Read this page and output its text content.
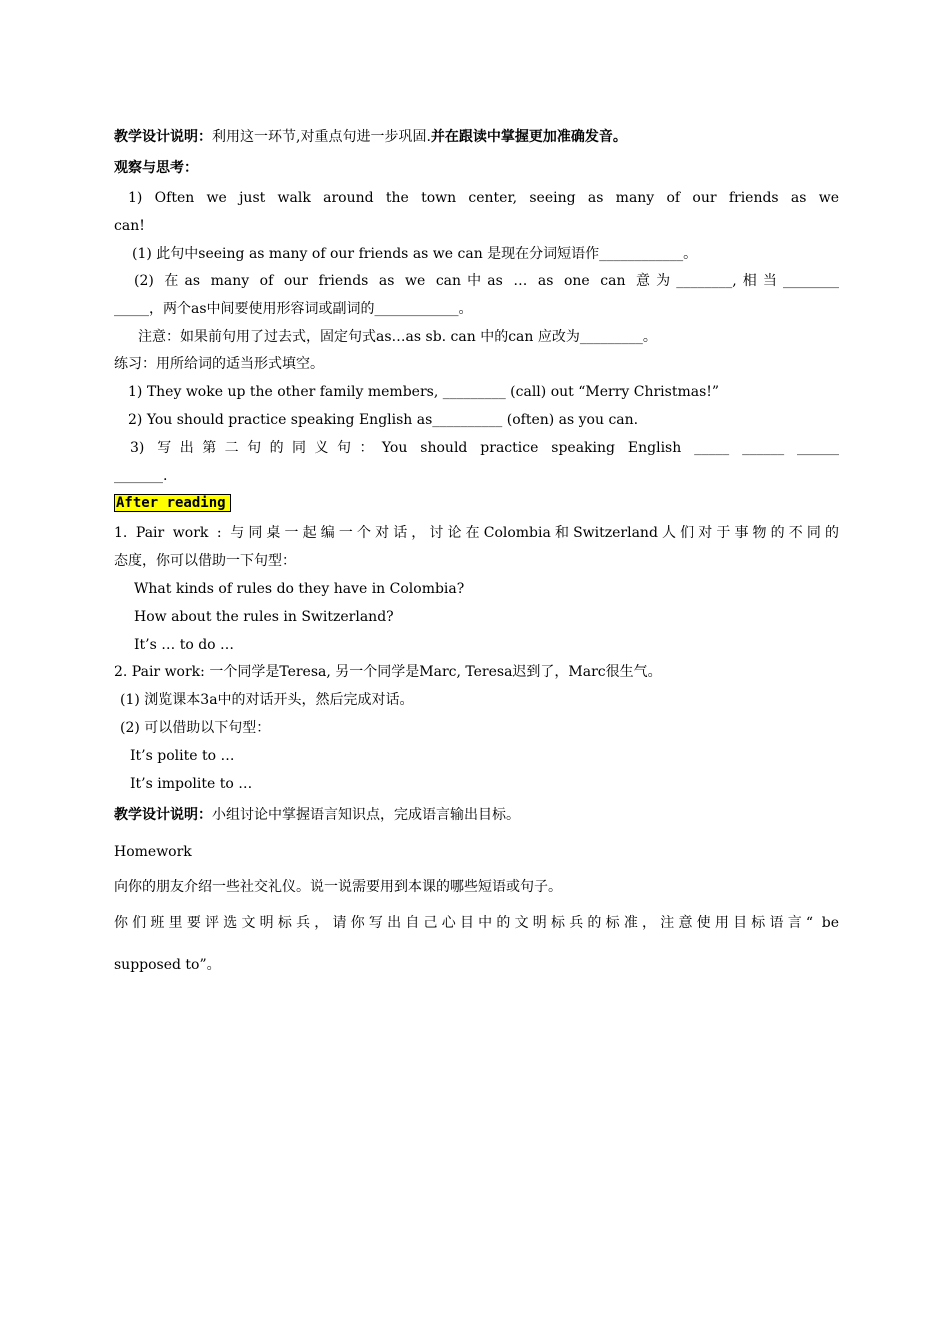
教学设计说明：利用这一环节,对重点句进一步巩固.并在跟读中掌握更加准确发音。
观察与思考：
1) Often we just walk around the town center, seeing as many of our friends as we
can!
(1) 此句中seeing as many of our friends as we can 是现在分词短语作____________。
(2) 在as many of our friends as we can中as … as one can 意为________,相当________
_____，两个as中间要使用形容词或副词的____________。
注意：如果前句用了过去式，固定句式as…as sb. can 中的can 应改为_________。
练习：用所给词的适当形式填空。
1) They woke up the other family members, _________ (call) out “Merry Christmas!”
2) You should practice speaking English as__________ (often) as you can.
3) 写出第二句的同义句：You should practice speaking English _____ ______ ______
_______.
After reading
1. Pair work : 与同桌一起编一个对话，讨论在Colombia和Switzerland人们对于事物的不同的
态度，你可以借助一下句型：
What kinds of rules do they have in Colombia?
How about the rules in Switzerland?
It’s … to do …
2. Pair work: 一个同学是Teresa, 另一个同学是Marc, Teresa迟到了，Marc很生气。
(1) 浏览课本3a中的对话开头，然后完成对话。
(2) 可以借助以下句型：
It’s polite to …
It’s impolite to …
教学设计说明：小组讨论中掌握语言知识点，完成语言输出目标。
Homework
向你的朋友介绍一些社交礼仪。说一说需要用到本课的哪些短语或句子。
你们班里要评选文明标兵，请你写出自己心目中的文明标兵的标准，注意使用目标语言“ be
supposed to”。
